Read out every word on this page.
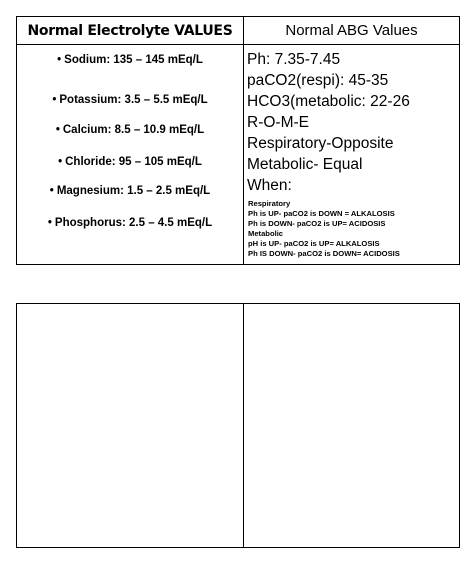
Normal Electrolyte VALUES	Normal ABG Values
• Sodium: 135 – 145 mEq/L
• Potassium: 3.5 – 5.5 mEq/L
• Calcium: 8.5 – 10.9 mEq/L
• Chloride: 95 – 105 mEq/L
• Magnesium: 1.5 – 2.5 mEq/L
• Phosphorus: 2.5 – 4.5 mEq/L
Ph: 7.35-7.45
paCO2(respi): 45-35
HCO3(metabolic: 22-26
R-O-M-E
Respiratory-Opposite
Metabolic- Equal
When:
Respiratory
Ph is UP- paCO2 is DOWN = ALKALOSIS
Ph is DOWN- paCO2 is UP= ACIDOSIS
Metabolic
pH is UP- paCO2 is UP= ALKALOSIS
Ph IS DOWN- paCO2 is DOWN= ACIDOSIS
